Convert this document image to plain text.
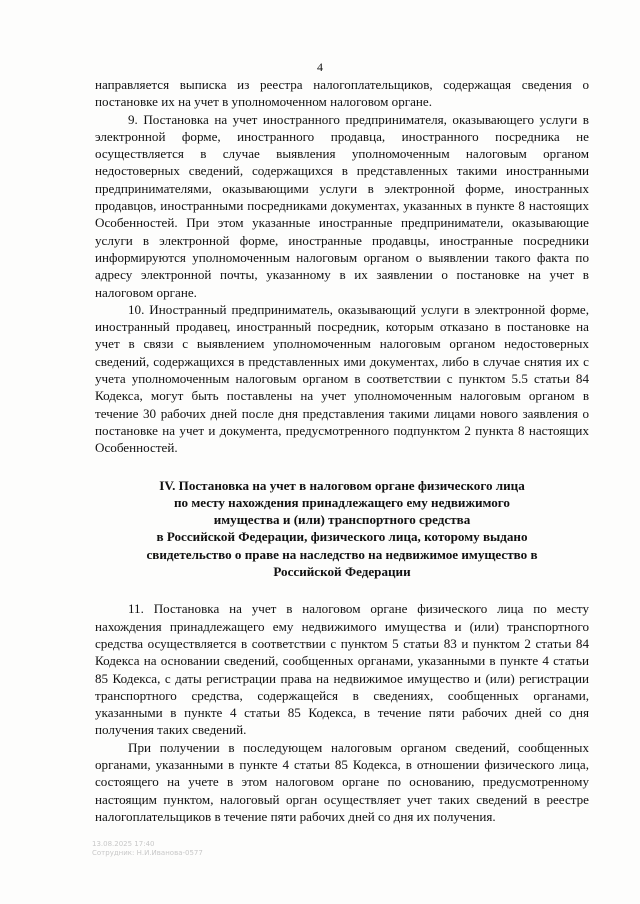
4

направляется выписка из реестра налогоплательщиков, содержащая сведения о постановке их на учет в уполномоченном налоговом органе.

9. Постановка на учет иностранного предпринимателя, оказывающего услуги в электронной форме, иностранного продавца, иностранного посредника не осуществляется в случае выявления уполномоченным налоговым органом недостоверных сведений, содержащихся в представленных такими иностранными предпринимателями, оказывающими услуги в электронной форме, иностранных продавцов, иностранными посредниками документах, указанных в пункте 8 настоящих Особенностей. При этом указанные иностранные предприниматели, оказывающие услуги в электронной форме, иностранные продавцы, иностранные посредники информируются уполномоченным налоговым органом о выявлении такого факта по адресу электронной почты, указанному в их заявлении о постановке на учет в налоговом органе.

10. Иностранный предприниматель, оказывающий услуги в электронной форме, иностранный продавец, иностранный посредник, которым отказано в постановке на учет в связи с выявлением уполномоченным налоговым органом недостоверных сведений, содержащихся в представленных ими документах, либо в случае снятия их с учета уполномоченным налоговым органом в соответствии с пунктом 5.5 статьи 84 Кодекса, могут быть поставлены на учет уполномоченным налоговым органом в течение 30 рабочих дней после дня представления такими лицами нового заявления о постановке на учет и документа, предусмотренного подпунктом 2 пункта 8 настоящих Особенностей.

IV. Постановка на учет в налоговом органе физического лица
по месту нахождения принадлежащего ему недвижимого
имущества и (или) транспортного средства
в Российской Федерации, физического лица, которому выдано
свидетельство о праве на наследство на недвижимое имущество в
Российской Федерации

11. Постановка на учет в налоговом органе физического лица по месту нахождения принадлежащего ему недвижимого имущества и (или) транспортного средства осуществляется в соответствии с пунктом 5 статьи 83 и пунктом 2 статьи 84 Кодекса на основании сведений, сообщенных органами, указанными в пункте 4 статьи 85 Кодекса, с даты регистрации права на недвижимое имущество и (или) регистрации транспортного средства, содержащейся в сведениях, сообщенных органами, указанными в пункте 4 статьи 85 Кодекса, в течение пяти рабочих дней со дня получения таких сведений.

При получении в последующем налоговым органом сведений, сообщенных органами, указанными в пункте 4 статьи 85 Кодекса, в отношении физического лица, состоящего на учете в этом налоговом органе по основанию, предусмотренному настоящим пунктом, налоговый орган осуществляет учет таких сведений в реестре налогоплательщиков в течение пяти рабочих дней со дня их получения.

13.08.2025 17:40
Сотрудник: Н.И.Иванова-0577
